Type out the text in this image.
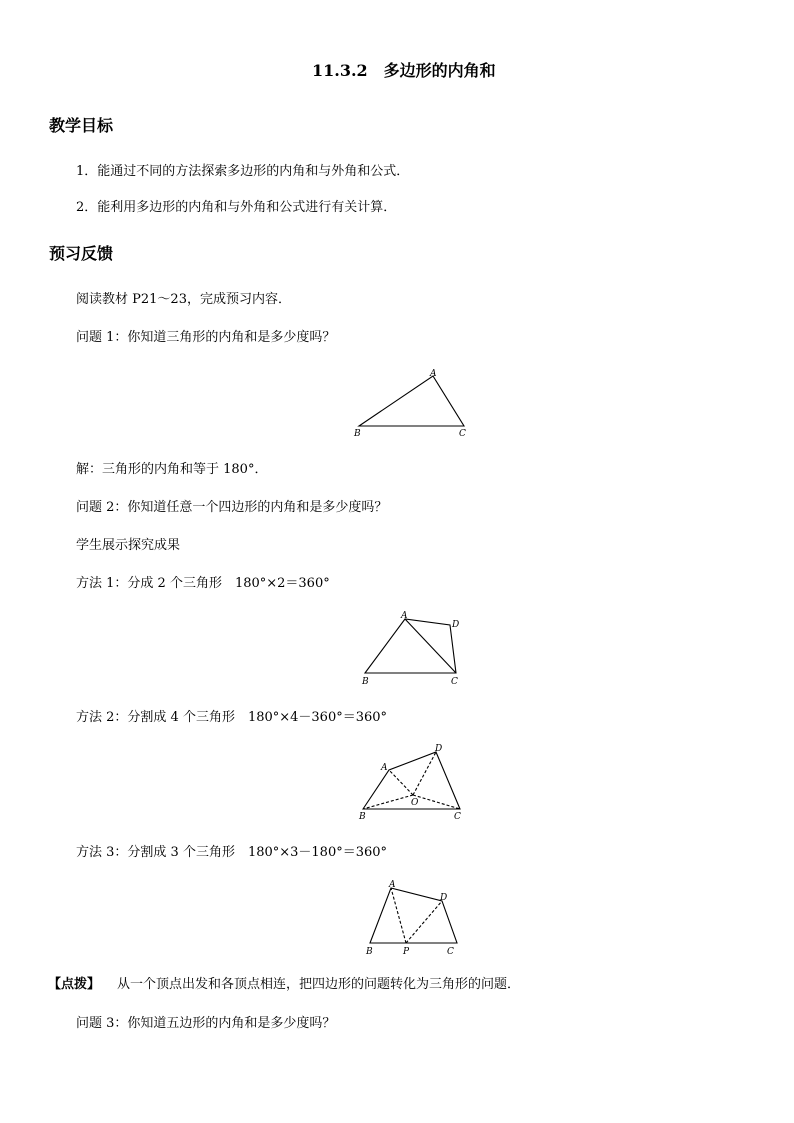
11.3.2　多边形的内角和
教学目标
1．能通过不同的方法探索多边形的内角和与外角和公式．
2．能利用多边形的内角和与外角和公式进行有关计算．
预习反馈
阅读教材 P21～23，完成预习内容．
问题 1：你知道三角形的内角和是多少度吗？
A
B	C
解：三角形的内角和等于 180°．
问题 2：你知道任意一个四边形的内角和是多少度吗？
学生展示探究成果
方法 1：分成 2 个三角形　180°×2＝360°
A
D
B	C
方法 2：分割成 4 个三角形　180°×4－360°＝360°
A
D
O
B	C
方法 3：分割成 3 个三角形　180°×3－180°＝360°
A
D
B	P	C
【点拨】 从一个顶点出发和各顶点相连，把四边形的问题转化为三角形的问题．
问题 3：你知道五边形的内角和是多少度吗？
